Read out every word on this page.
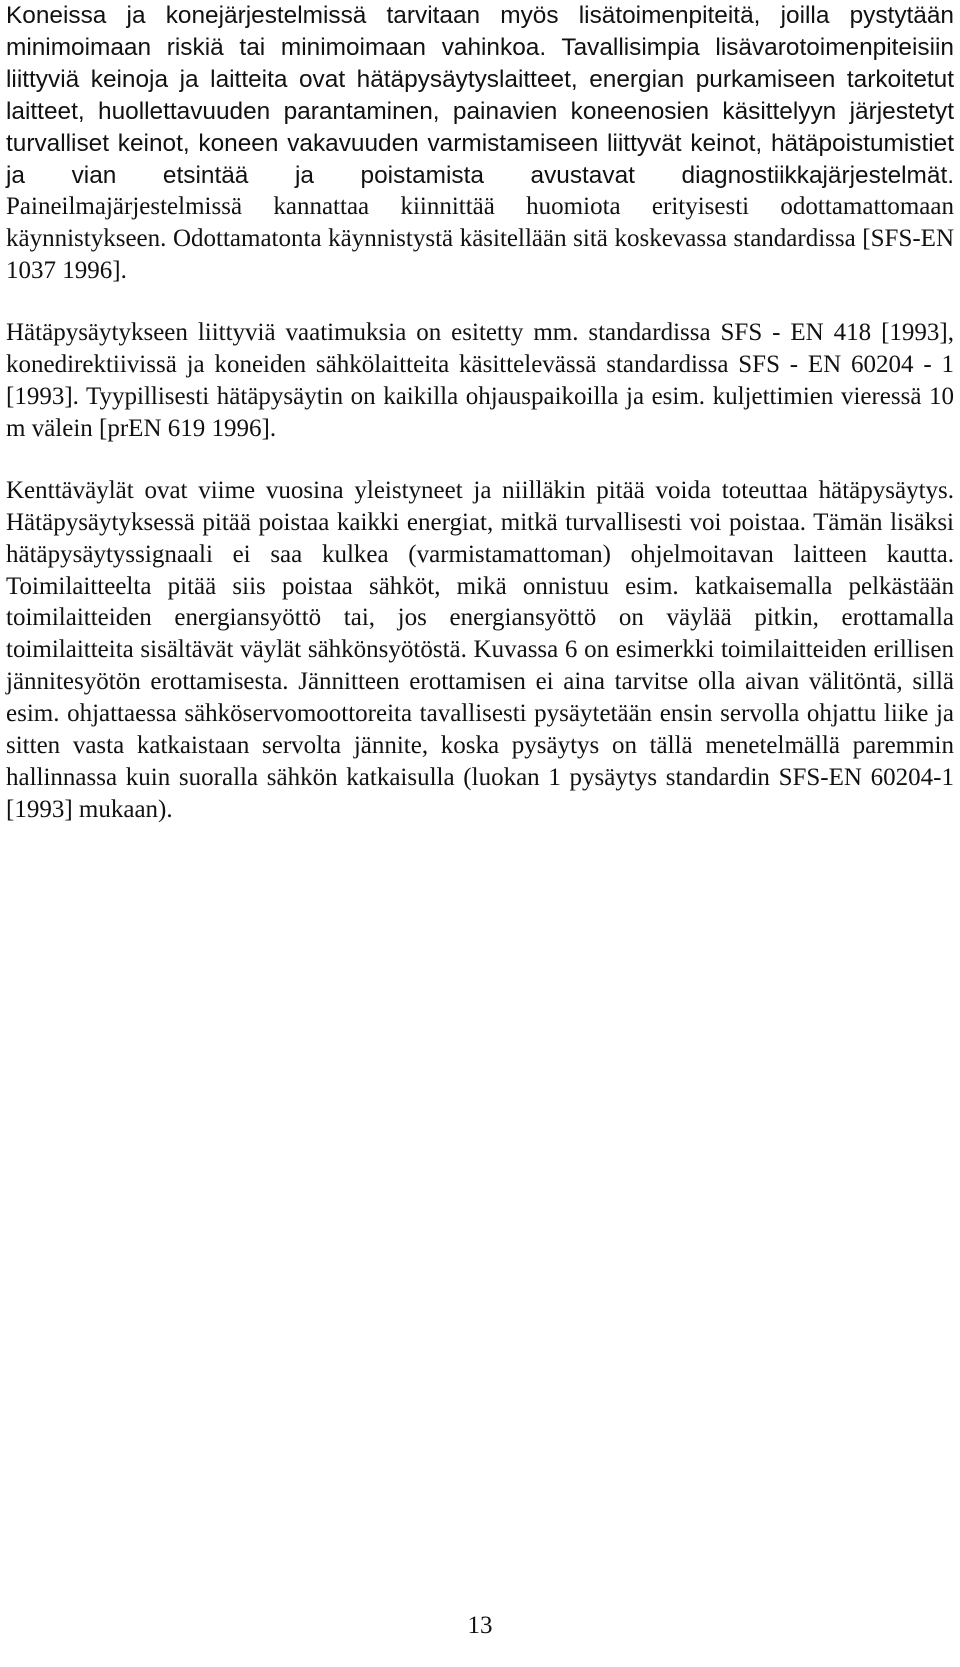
Koneissa ja konejärjestelmissä tarvitaan myös lisätoimenpiteitä, joilla pystytään minimoimaan riskiä tai minimoimaan vahinkoa. Tavallisimpia lisävarotoimenpiteisiin liittyviä keinoja ja laitteita ovat hätäpysäytyslaitteet, energian purkamiseen tarkoitetut laitteet, huollettavuuden parantaminen, painavien koneenosien käsittelyyn järjestetyt turvalliset keinot, koneen vakavuuden varmistamiseen liittyvät keinot, hätäpoistumistiet ja vian etsintää ja poistamista avustavat diagnostiikkajärjestelmät. Paineilmajärjestelmissä kannattaa kiinnittää huomiota erityisesti odottamattomaan käynnistykseen. Odottamatonta käynnistystä käsitellään sitä koskevassa standardissa [SFS-EN 1037 1996].

Hätäpysäytykseen liittyviä vaatimuksia on esitetty mm. standardissa SFS - EN 418 [1993], konedirektiivissä ja koneiden sähkölaitteita käsittelevässä standardissa SFS - EN 60204 - 1 [1993]. Tyypillisesti hätäpysäytin on kaikilla ohjauspaikoilla ja esim. kuljettimien vieressä 10 m välein [prEN 619 1996].

Kenttäväylät ovat viime vuosina yleistyneet ja niilläkin pitää voida toteuttaa hätäpysäytys. Hätäpysäytyksessä pitää poistaa kaikki energiat, mitkä turvallisesti voi poistaa. Tämän lisäksi hätäpysäytyssignaali ei saa kulkea (varmistamattoman) ohjelmoitavan laitteen kautta. Toimilaitteelta pitää siis poistaa sähköt, mikä onnistuu esim. katkaisemalla pelkästään toimilaitteiden energiansyöttö tai, jos energiansyöttö on väylää pitkin, erottamalla toimilaitteita sisältävät väylät sähkönsyötöstä. Kuvassa 6 on esimerkki toimilaitteiden erillisen jännitesyötön erottamisesta. Jännitteen erottamisen ei aina tarvitse olla aivan välitöntä, sillä esim. ohjattaessa sähköservomoottoreita tavallisesti pysäytetään ensin servolla ohjattu liike ja sitten vasta katkaistaan servolta jännite, koska pysäytys on tällä menetelmällä paremmin hallinnassa kuin suoralla sähkön katkaisulla (luokan 1 pysäytys standardin SFS-EN 60204-1 [1993] mukaan).

13
